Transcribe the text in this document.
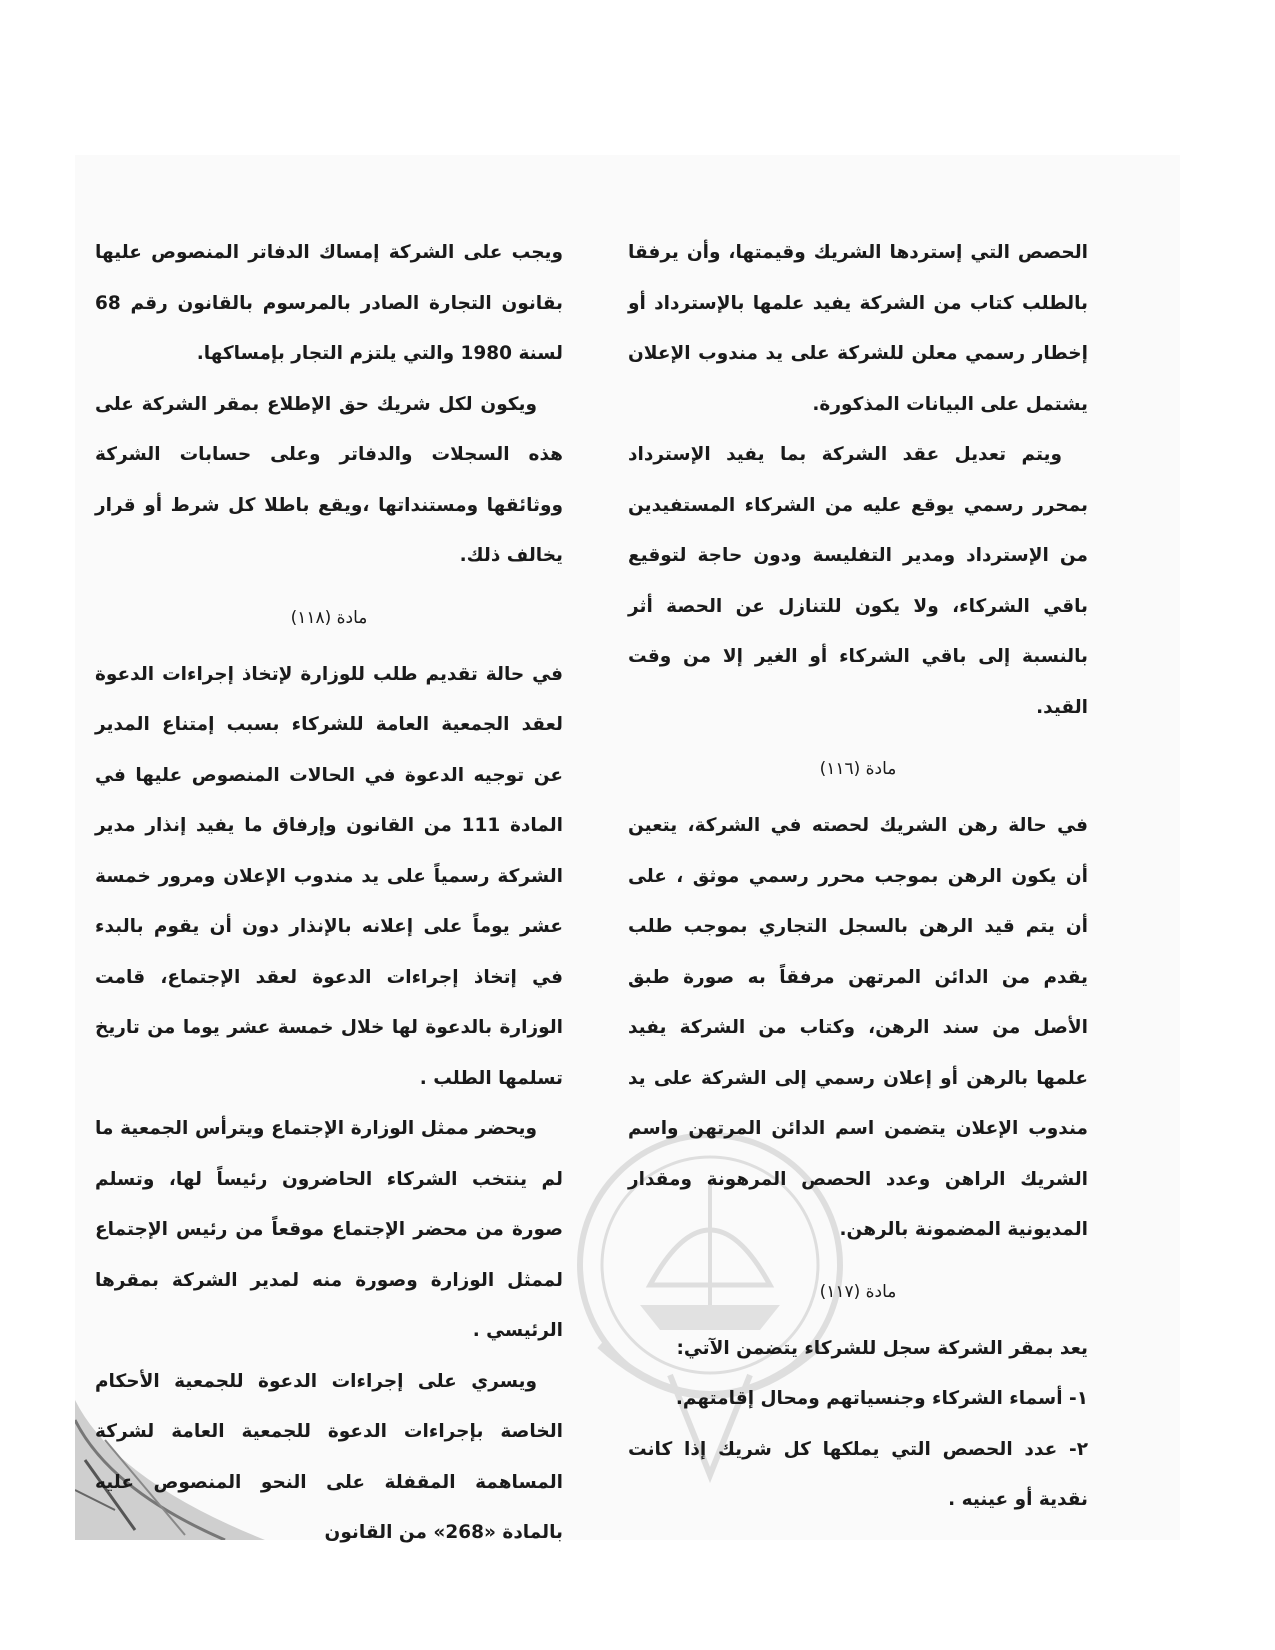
الحصص التي إستردها الشريك وقيمتها، وأن يرفقا بالطلب كتاب من الشركة يفيد علمها بالإسترداد أو إخطار رسمي معلن للشركة على يد مندوب الإعلان يشتمل على البيانات المذكورة.

ويتم تعديل عقد الشركة بما يفيد الإسترداد بمحرر رسمي يوقع عليه من الشركاء المستفيدين من الإسترداد ومدير التفليسة ودون حاجة لتوقيع باقي الشركاء، ولا يكون للتنازل عن الحصة أثر بالنسبة إلى باقي الشركاء أو الغير إلا من وقت القيد.

مادة (١١٦)

في حالة رهن الشريك لحصته في الشركة، يتعين أن يكون الرهن بموجب محرر رسمي موثق ، على أن يتم قيد الرهن بالسجل التجاري بموجب طلب يقدم من الدائن المرتهن مرفقاً به صورة طبق الأصل من سند الرهن، وكتاب من الشركة يفيد علمها بالرهن أو إعلان رسمي إلى الشركة على يد مندوب الإعلان يتضمن اسم الدائن المرتهن واسم الشريك الراهن وعدد الحصص المرهونة ومقدار المديونية المضمونة بالرهن.

مادة (١١٧)

يعد بمقر الشركة سجل للشركاء يتضمن الآتي:

١- أسماء الشركاء وجنسياتهم ومحال إقامتهم.

٢- عدد الحصص التي يملكها كل شريك إذا كانت نقدية أو عينيه .

ويجب على الشركة إمساك الدفاتر المنصوص عليها بقانون التجارة الصادر بالمرسوم بالقانون رقم 68 لسنة 1980 والتي يلتزم التجار بإمساكها.

ويكون لكل شريك حق الإطلاع بمقر الشركة على هذه السجلات والدفاتر وعلى حسابات الشركة ووثائقها ومستنداتها ،ويقع باطلا كل شرط أو قرار يخالف ذلك.

مادة (١١٨)

في حالة تقديم طلب للوزارة لإتخاذ إجراءات الدعوة لعقد الجمعية العامة للشركاء بسبب إمتناع المدير عن توجيه الدعوة في الحالات المنصوص عليها في المادة 111 من القانون وإرفاق ما يفيد إنذار مدير الشركة رسمياً على يد مندوب الإعلان ومرور خمسة عشر يوماً على إعلانه بالإنذار دون أن يقوم بالبدء في إتخاذ إجراءات الدعوة لعقد الإجتماع، قامت الوزارة بالدعوة لها خلال خمسة عشر يوما من تاريخ تسلمها الطلب .

ويحضر ممثل الوزارة الإجتماع ويترأس الجمعية ما لم ينتخب الشركاء الحاضرون رئيساً لها، وتسلم صورة من محضر الإجتماع موقعاً من رئيس الإجتماع لممثل الوزارة وصورة منه لمدير الشركة بمقرها الرئيسي .

ويسري على إجراءات الدعوة للجمعية الأحكام الخاصة بإجراءات الدعوة للجمعية العامة لشركة المساهمة المقفلة على النحو المنصوص عليه بالمادة «268» من القانون
